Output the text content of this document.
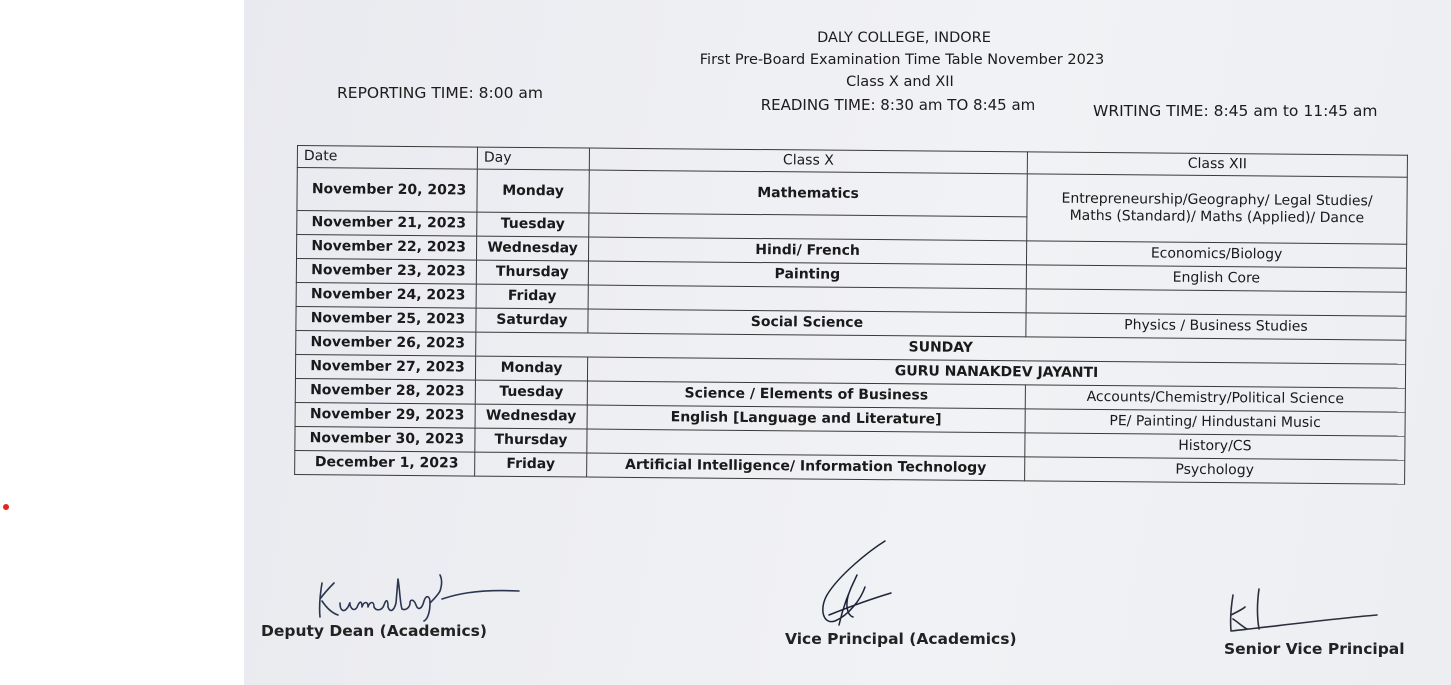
DALY COLLEGE, INDORE
First Pre-Board Examination Time Table November 2023
Class X and XII
READING TIME: 8:30 am TO 8:45 am
REPORTING TIME: 8:00 am
WRITING TIME: 8:45 am to 11:45 am
Date	Day	Class X	Class XII
November 20, 2023	Monday	Mathematics	Entrepreneurship/Geography/ Legal Studies/
Maths (Standard)/ Maths (Applied)/ Dance

November 21, 2023	Tuesday		
November 22, 2023	Wednesday	Hindi/ French	Economics/Biology
November 23, 2023	Thursday	Painting	English Core
November 24, 2023	Friday		
November 25, 2023	Saturday	Social Science	Physics / Business Studies
November 26, 2023	SUNDAY		
November 27, 2023	Monday	GURU NANAKDEV JAYANTI	
November 28, 2023	Tuesday	Science / Elements of Business	Accounts/Chemistry/Political Science
November 29, 2023	Wednesday	English [Language and Literature]	PE/ Painting/ Hindustani Music
November 30, 2023	Thursday		History/CS
December 1, 2023	Friday	Artificial Intelligence/ Information Technology	Psychology
Deputy Dean (Academics)	Vice Principal (Academics)
Senior Vice Principal
